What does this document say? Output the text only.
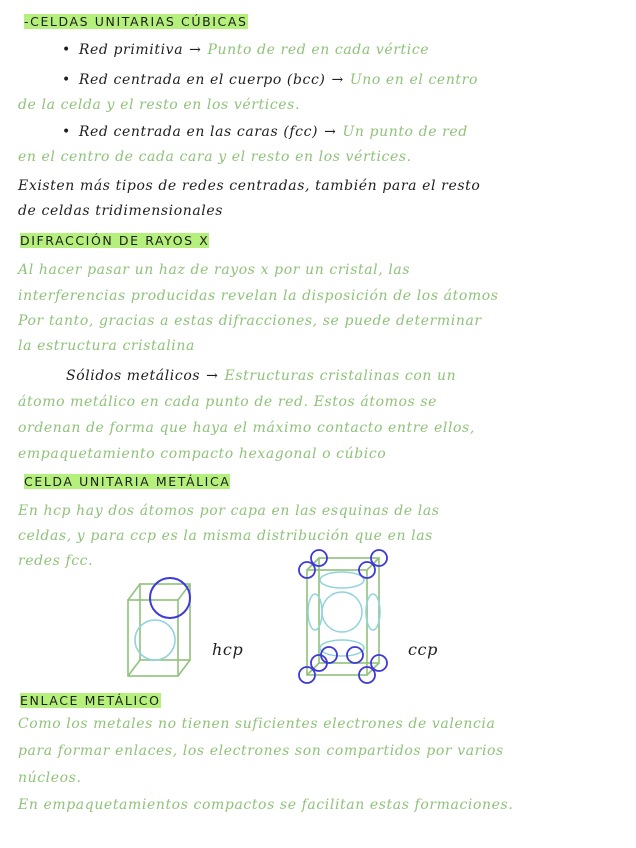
-CELDAS UNITARIAS CÚBICAS
• Red primitiva → Punto de red en cada vértice
• Red centrada en el cuerpo (bcc) → Uno en el centro
de la celda y el resto en los vértices.
• Red centrada en las caras (fcc) → Un punto de red
en el centro de cada cara y el resto en los vértices.
Existen más tipos de redes centradas, también para el resto
de celdas tridimensionales
DIFRACCIÓN DE RAYOS X
Al hacer pasar un haz de rayos x por un cristal, las
interferencias producidas revelan la disposición de los átomos
Por tanto, gracias a estas difracciones, se puede determinar
la estructura cristalina
Sólidos metálicos → Estructuras cristalinas con un
átomo metálico en cada punto de red. Estos átomos se
ordenan de forma que haya el máximo contacto entre ellos,
empaquetamiento compacto hexagonal o cúbico
CELDA UNITARIA METÁLICA
En hcp hay dos átomos por capa en las esquinas de las
celdas, y para ccp es la misma distribución que en las
redes fcc.
hcp	ccp
ENLACE METÁLICO
Como los metales no tienen suficientes electrones de valencia
para formar enlaces, los electrones son compartidos por varios
núcleos.
En empaquetamientos compactos se facilitan estas formaciones.
